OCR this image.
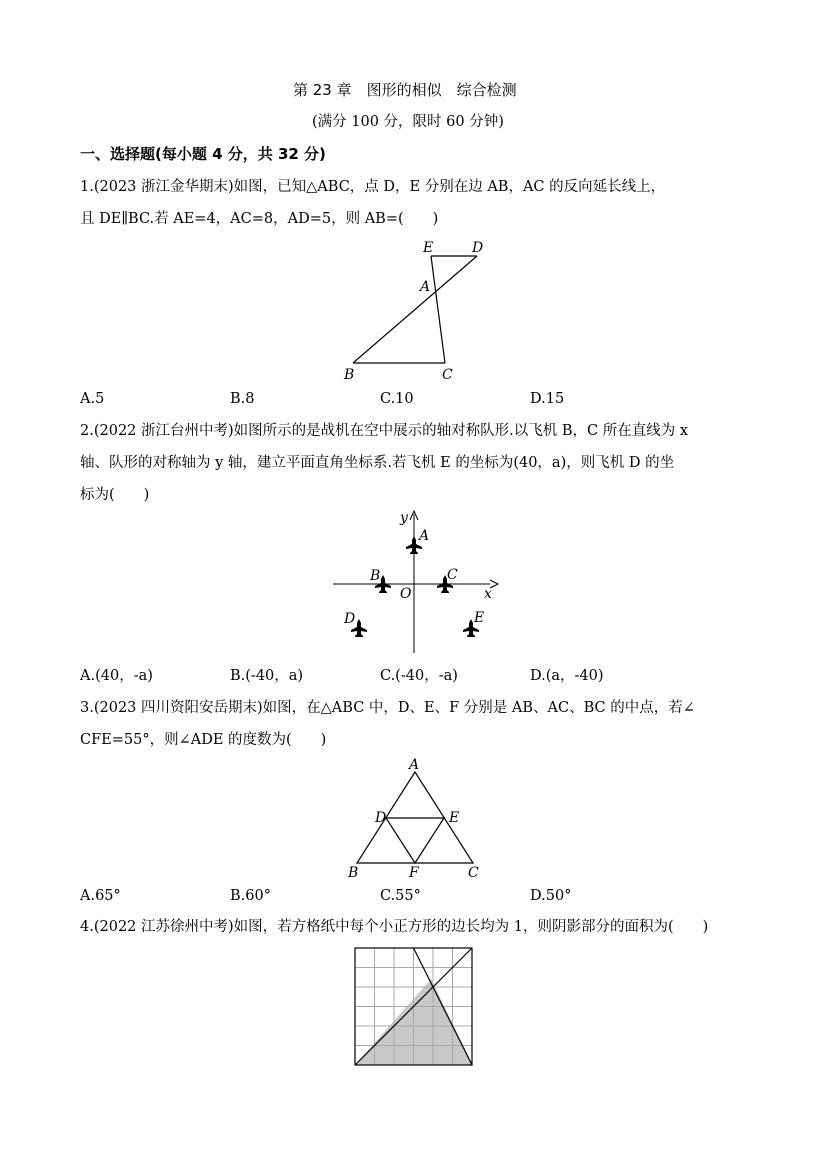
第 23 章　图形的相似　综合检测
(满分 100 分，限时 60 分钟)
一、选择题(每小题 4 分，共 32 分)
1.(2023 浙江金华期末)如图，已知△ABC，点 D，E 分别在边 AB，AC 的反向延长线上，
且 DE∥BC.若 AE=4，AC=8，AD=5，则 AB=(　　)
E	D
A
B	C
A.5	B.8	C.10	D.15
2.(2022 浙江台州中考)如图所示的是战机在空中展示的轴对称队形.以飞机 B，C 所在直线为 x
轴、队形的对称轴为 y 轴，建立平面直角坐标系.若飞机 E 的坐标为(40，a)，则飞机 D 的坐
标为(　　)
y
x
O
A
B	C
D	E
A.(40，-a)	B.(-40，a)	C.(-40，-a)	D.(a，-40)
3.(2023 四川资阳安岳期末)如图，在△ABC 中，D、E、F 分别是 AB、AC、BC 的中点，若∠
CFE=55°，则∠ADE 的度数为(　　)
A
D	E
B	F	C
A.65°	B.60°	C.55°	D.50°
4.(2022 江苏徐州中考)如图，若方格纸中每个小正方形的边长均为 1，则阴影部分的面积为(　　)
